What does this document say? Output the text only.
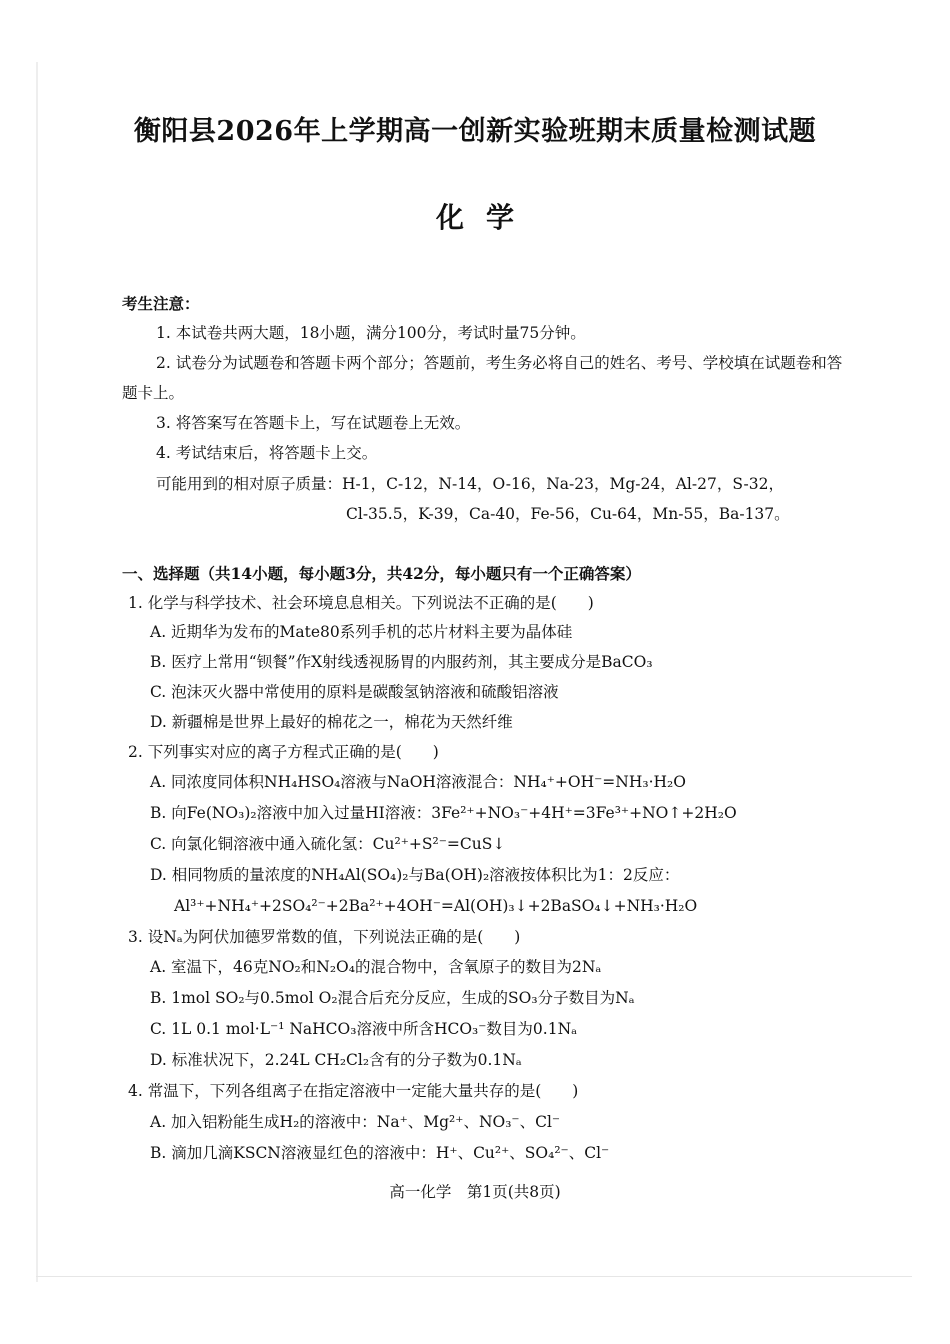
衡阳县2026年上学期高一创新实验班期末质量检测试题
化学
考生注意：
1. 本试卷共两大题，18小题，满分100分，考试时量75分钟。
2. 试卷分为试题卷和答题卡两个部分；答题前，考生务必将自己的姓名、考号、学校填在试题卷和答
题卡上。
3. 将答案写在答题卡上，写在试题卷上无效。
4. 考试结束后，将答题卡上交。
可能用到的相对原子质量：H-1，C-12，N-14，O-16，Na-23，Mg-24，Al-27，S-32，
Cl-35.5，K-39，Ca-40，Fe-56，Cu-64，Mn-55，Ba-137。
一、选择题（共14小题，每小题3分，共42分，每小题只有一个正确答案）
1. 化学与科学技术、社会环境息息相关。下列说法不正确的是(　　)
A. 近期华为发布的Mate80系列手机的芯片材料主要为晶体硅
B. 医疗上常用“钡餐”作X射线透视肠胃的内服药剂，其主要成分是BaCO₃
C. 泡沫灭火器中常使用的原料是碳酸氢钠溶液和硫酸铝溶液
D. 新疆棉是世界上最好的棉花之一，棉花为天然纤维
2. 下列事实对应的离子方程式正确的是(　　)
A. 同浓度同体积NH₄HSO₄溶液与NaOH溶液混合：NH₄⁺+OH⁻=NH₃·H₂O
B. 向Fe(NO₃)₂溶液中加入过量HI溶液：3Fe²⁺+NO₃⁻+4H⁺=3Fe³⁺+NO↑+2H₂O
C. 向氯化铜溶液中通入硫化氢：Cu²⁺+S²⁻=CuS↓
D. 相同物质的量浓度的NH₄Al(SO₄)₂与Ba(OH)₂溶液按体积比为1：2反应：
Al³⁺+NH₄⁺+2SO₄²⁻+2Ba²⁺+4OH⁻=Al(OH)₃↓+2BaSO₄↓+NH₃·H₂O
3. 设Nₐ为阿伏加德罗常数的值，下列说法正确的是(　　)
A. 室温下，46克NO₂和N₂O₄的混合物中，含氧原子的数目为2Nₐ
B. 1mol SO₂与0.5mol O₂混合后充分反应，生成的SO₃分子数目为Nₐ
C. 1L 0.1 mol·L⁻¹ NaHCO₃溶液中所含HCO₃⁻数目为0.1Nₐ
D. 标准状况下，2.24L CH₂Cl₂含有的分子数为0.1Nₐ
4. 常温下，下列各组离子在指定溶液中一定能大量共存的是(　　)
A. 加入铝粉能生成H₂的溶液中：Na⁺、Mg²⁺、NO₃⁻、Cl⁻
B. 滴加几滴KSCN溶液显红色的溶液中：H⁺、Cu²⁺、SO₄²⁻、Cl⁻
高一化学　第1页(共8页)
